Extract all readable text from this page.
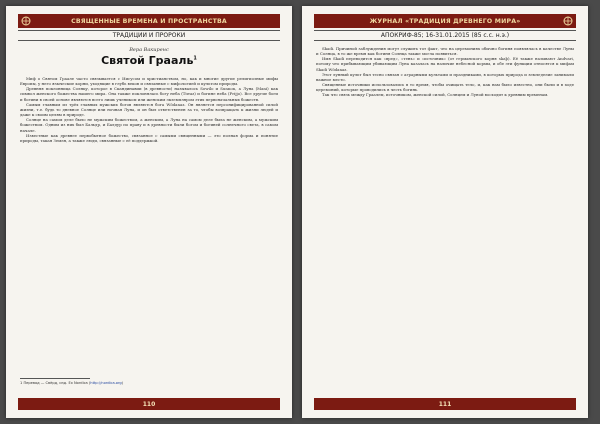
СВЯЩЕННЫЕ ВРЕМЕНА И ПРОСТРАНСТВА
ТРАДИЦИИ И ПРОРОКИ
Вера Вакиренс
Святой Грааль$^1$

Миф о Святом Граале часто связывается с Иисусом и христианством, но, как и многие другие религиозные мифы Европы, у него языческие корни, уходящие в глубь веков и связанные с мифологией и культом природы.

Древняя поклонница Солнцу, которое в Скандинавии (в древности) называлось Sowilo и Sunnon, а Луна (Mani) как символ женского божества нашего мира. Она также поклонялась богу неба (Tiwaz) и богине неба (Frijjo). Все другие боги и богини в своей основе являются всего лишь учеником или женским экземпляром этих первоначальных божеств.

Самым главным из трёх главных мужских богов являются бога Wōdanaz. Он является персонифицированной силой жизни, т.е. будь то дневное Солнце или ночная Луна, и он был ответственен за то, чтобы возвращать к жизни людей и даже к своим целям в природе.

Солнце на самом деле было не мужским божеством, а женским, а Луна на самом деле была не женским, а мужским божеством. Одним из них был Бальдр, и Балдур по праву и в древности были богом и богиней солнечного света, в самом начале.

Известные как древнее первобытное божество, связанное с самыми священными — это полная форма и понятие природы, такая Земля, а также люди, связанные с её поддержкой.

1 Перевод — Свёрд, изд. Ex Nordica (http://nordica.org)
110
ЖУРНАЛ «ТРАДИЦИЯ ДРЕВНЕГО МИРА»
АПОКРИФ-85; 16-31.01.2015 (85 с.с. н.э.)

Skadi. Причиной заблуждения могут служить тот факт, что на церемониях обычно богиня появлялась в качестве Луны и Солнца, в то же время как богиня Солнца также могла появиться.

Имя Skadi переводится как «вред», «тень» и «источник» (от германского корня skaþ). Её также называют Andvari, потому что прибывающим убивающим Луна казалась на наличие небесной кормы, и обе эти функции относятся к мифам Skadi Wōdanaz.

Этот лунный культ был тесно связан с аграрными культами и праздниками, в которых природа и земледелие занимали важное место.

Священные источники использовались в то время, чтобы очищать тело, и, как нам было известно, они были и в ходе церемоний, которые проводились в честь богинь.

Так что связь между Граалем, источником, женской силой, Солнцем и Луной восходит к древним временам.

111
